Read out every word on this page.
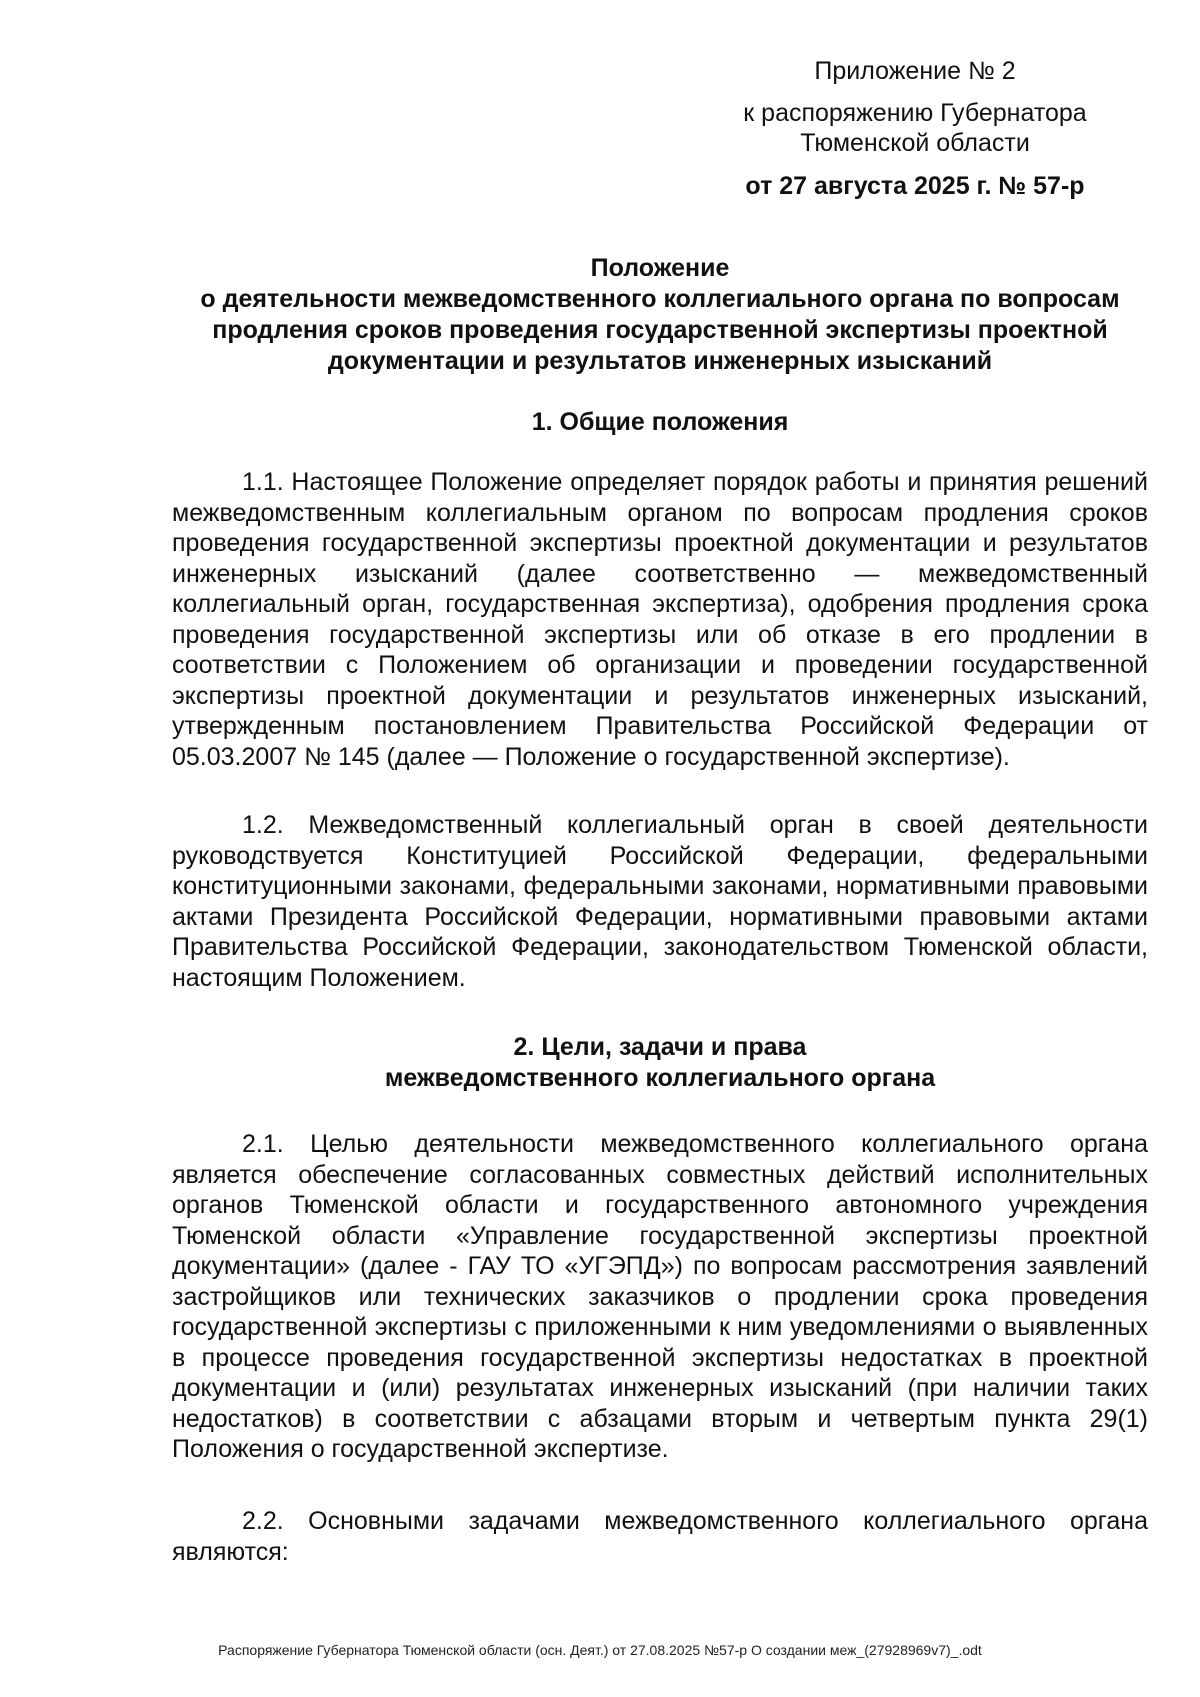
Приложение № 2
к распоряжению Губернатора
Тюменской области
от 27 августа 2025 г. № 57-р
Положение
о деятельности межведомственного коллегиального органа по вопросам
продления сроков проведения государственной экспертизы проектной
документации и результатов инженерных изысканий
1. Общие положения
1.1. Настоящее Положение определяет порядок работы и принятия решений межведомственным коллегиальным органом по вопросам продления сроков проведения государственной экспертизы проектной документации и результатов инженерных изысканий (далее соответственно — межведомственный коллегиальный орган, государственная экспертиза), одобрения продления срока проведения государственной экспертизы или об отказе в его продлении в соответствии с Положением об организации и проведении государственной экспертизы проектной документации и результатов инженерных изысканий, утвержденным постановлением Правительства Российской Федерации от 05.03.2007 № 145 (далее — Положение о государственной экспертизе).
1.2. Межведомственный коллегиальный орган в своей деятельности руководствуется Конституцией Российской Федерации, федеральными конституционными законами, федеральными законами, нормативными правовыми актами Президента Российской Федерации, нормативными правовыми актами Правительства Российской Федерации, законодательством Тюменской области, настоящим Положением.
2. Цели, задачи и права
межведомственного коллегиального органа
2.1. Целью деятельности межведомственного коллегиального органа является обеспечение согласованных совместных действий исполнительных органов Тюменской области и государственного автономного учреждения Тюменской области «Управление государственной экспертизы проектной документации» (далее - ГАУ ТО «УГЭПД») по вопросам рассмотрения заявлений застройщиков или технических заказчиков о продлении срока проведения государственной экспертизы с приложенными к ним уведомлениями о выявленных в процессе проведения государственной экспертизы недостатках в проектной документации и (или) результатах инженерных изысканий (при наличии таких недостатков) в соответствии с абзацами вторым и четвертым пункта 29(1) Положения о государственной экспертизе.
2.2. Основными задачами межведомственного коллегиального органа являются:
Распоряжение Губернатора Тюменской области (осн. Деят.) от 27.08.2025 №57-р О создании меж_(27928969v7)_.odt
